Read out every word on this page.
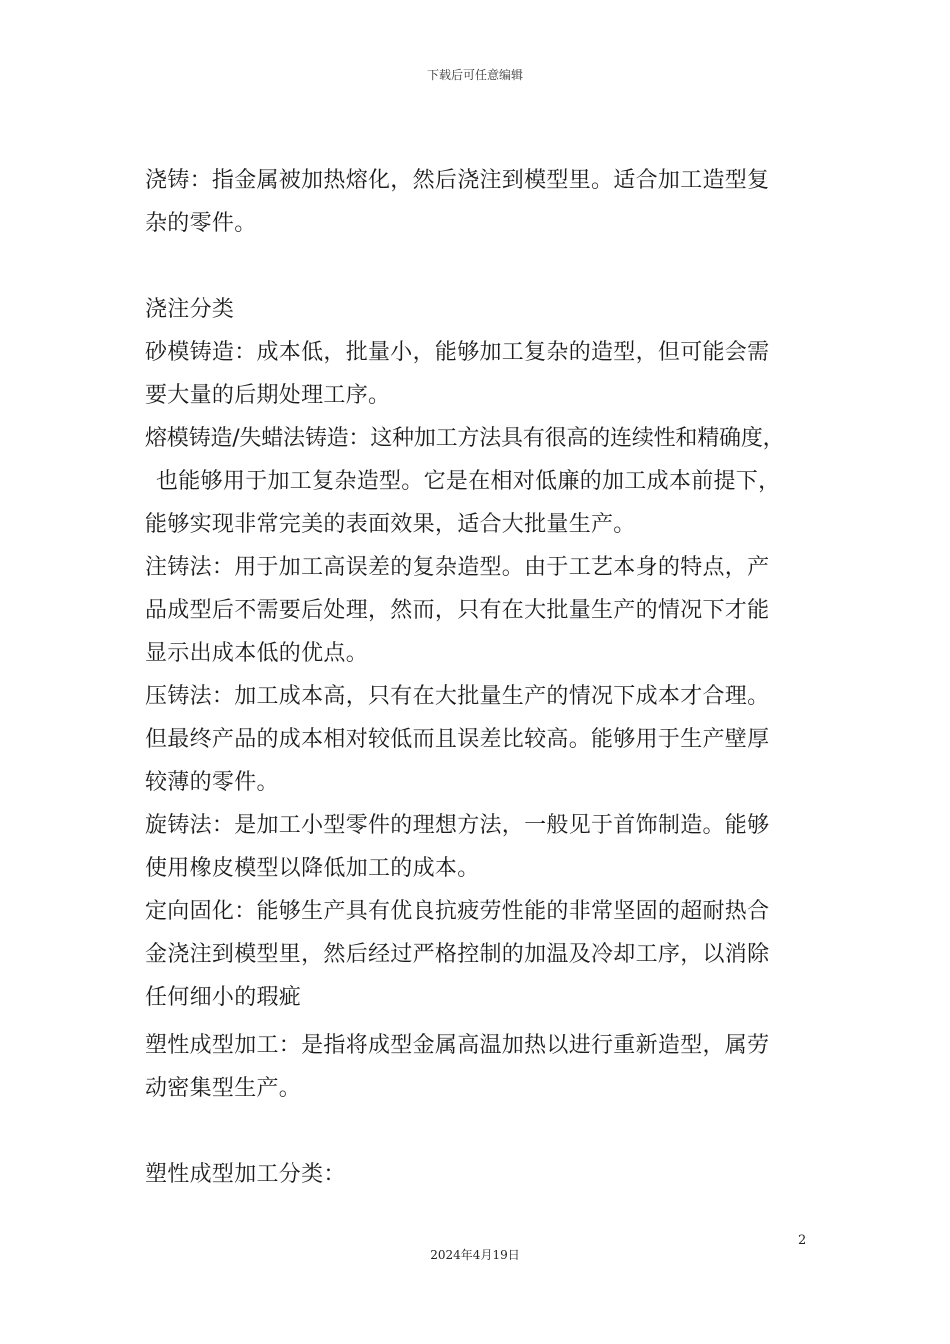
下载后可任意编辑
浇铸：指金属被加热熔化，然后浇注到模型里。适合加工造型复
杂的零件。
浇注分类
砂模铸造：成本低，批量小，能够加工复杂的造型，但可能会需
要大量的后期处理工序。
熔模铸造/失蜡法铸造：这种加工方法具有很高的连续性和精确度，
也能够用于加工复杂造型。它是在相对低廉的加工成本前提下，
能够实现非常完美的表面效果，适合大批量生产。
注铸法：用于加工高误差的复杂造型。由于工艺本身的特点，产
品成型后不需要后处理，然而，只有在大批量生产的情况下才能
显示出成本低的优点。
压铸法：加工成本高，只有在大批量生产的情况下成本才合理。
但最终产品的成本相对较低而且误差比较高。能够用于生产壁厚
较薄的零件。
旋铸法：是加工小型零件的理想方法，一般见于首饰制造。能够
使用橡皮模型以降低加工的成本。
定向固化：能够生产具有优良抗疲劳性能的非常坚固的超耐热合
金浇注到模型里，然后经过严格控制的加温及冷却工序，以消除
任何细小的瑕疵
塑性成型加工：是指将成型金属高温加热以进行重新造型，属劳
动密集型生产。
塑性成型加工分类：
2
2024年4月19日
